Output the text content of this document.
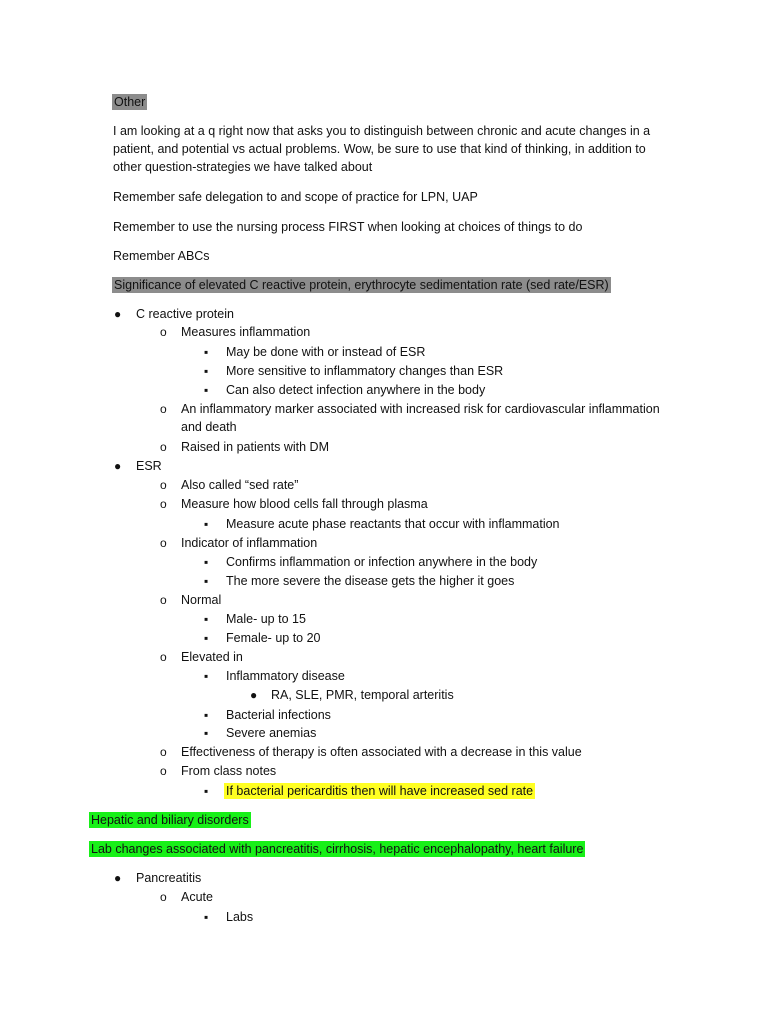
Other
I am looking at a q right now that asks you to distinguish between chronic and acute changes in a
patient, and potential vs actual problems. Wow, be sure to use that kind of thinking, in addition to
other question-strategies we have talked about
Remember safe delegation to and scope of practice for LPN, UAP
Remember to use the nursing process FIRST when looking at choices of things to do
Remember ABCs
Significance of elevated C reactive protein, erythrocyte sedimentation rate (sed rate/ESR)
● C reactive protein
o Measures inflammation
▪ May be done with or instead of ESR
▪ More sensitive to inflammatory changes than ESR
▪ Can also detect infection anywhere in the body
o An inflammatory marker associated with increased risk for cardiovascular inflammation
and death
o Raised in patients with DM
● ESR
o Also called “sed rate”
o Measure how blood cells fall through plasma
▪ Measure acute phase reactants that occur with inflammation
o Indicator of inflammation
▪ Confirms inflammation or infection anywhere in the body
▪ The more severe the disease gets the higher it goes
o Normal
▪ Male- up to 15
▪ Female- up to 20
o Elevated in
▪ Inflammatory disease
● RA, SLE, PMR, temporal arteritis
▪ Bacterial infections
▪ Severe anemias
o Effectiveness of therapy is often associated with a decrease in this value
o From class notes
▪ If bacterial pericarditis then will have increased sed rate
Hepatic and biliary disorders
Lab changes associated with pancreatitis, cirrhosis, hepatic encephalopathy, heart failure
● Pancreatitis
o Acute
▪ Labs
